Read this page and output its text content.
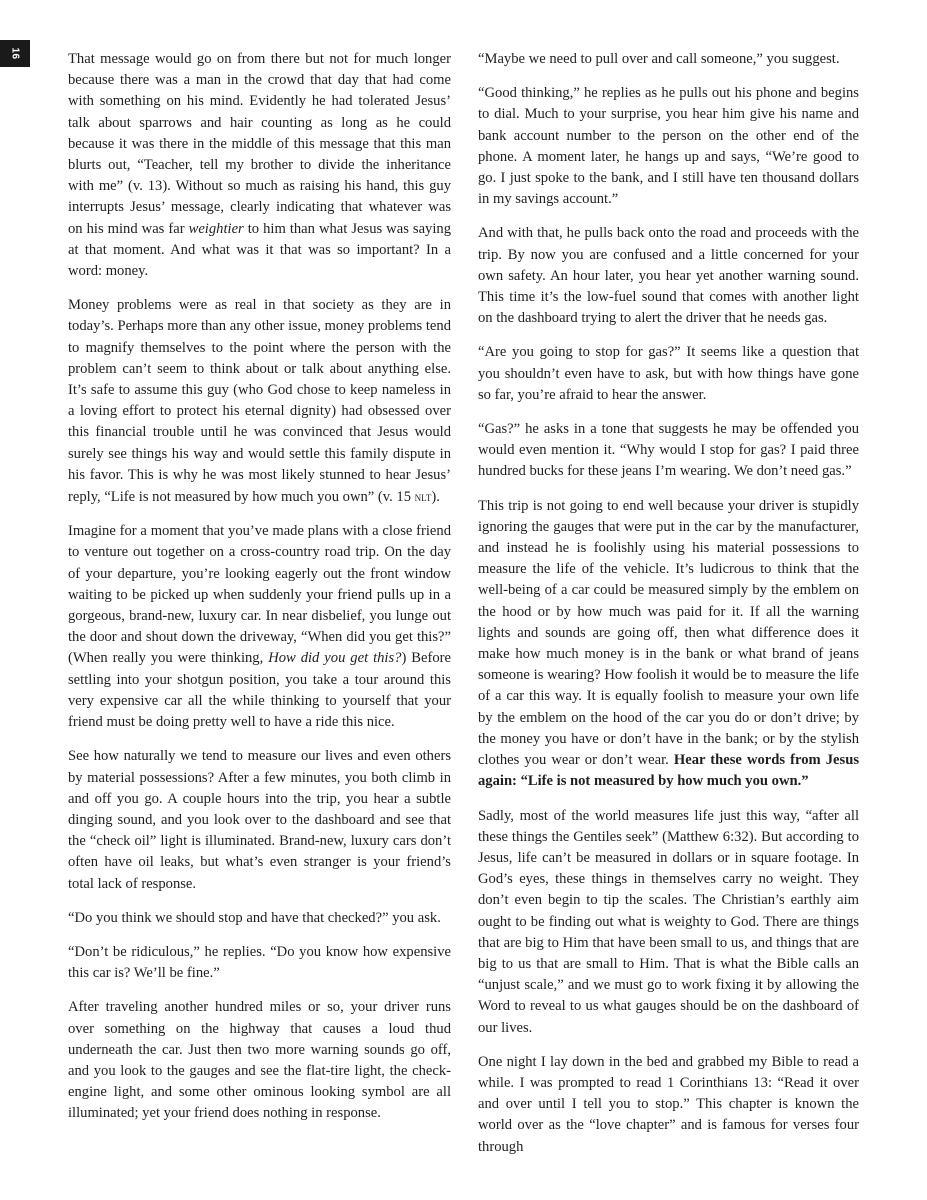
16	That message would go on from there but not for much longer because there was a man in the crowd that day that had come with something on his mind. Evidently he had tolerated Jesus’ talk about sparrows and hair counting as long as he could because it was there in the middle of this message that this man blurts out, “Teacher, tell my brother to divide the inheritance with me” (v. 13). Without so much as raising his hand, this guy interrupts Jesus’ message, clearly indicating that whatever was on his mind was far weightier to him than what Jesus was saying at that moment. And what was it that was so important? In a word: money.

Money problems were as real in that society as they are in today’s. Perhaps more than any other issue, money problems tend to magnify themselves to the point where the person with the problem can’t seem to think about or talk about anything else. It’s safe to assume this guy (who God chose to keep nameless in a loving effort to protect his eternal dignity) had obsessed over this financial trouble until he was convinced that Jesus would surely see things his way and would settle this family dispute in his favor. This is why he was most likely stunned to hear Jesus’ reply, “Life is not measured by how much you own” (v. 15 nlt).

Imagine for a moment that you’ve made plans with a close friend to venture out together on a cross-country road trip. On the day of your departure, you’re looking eagerly out the front window waiting to be picked up when suddenly your friend pulls up in a gorgeous, brand-new, luxury car. In near disbelief, you lunge out the door and shout down the driveway, “When did you get this?” (When really you were thinking, How did you get this?) Before settling into your shotgun position, you take a tour around this very expensive car all the while thinking to yourself that your friend must be doing pretty well to have a ride this nice.

See how naturally we tend to measure our lives and even others by material possessions? After a few minutes, you both climb in and off you go. A couple hours into the trip, you hear a subtle dinging sound, and you look over to the dashboard and see that the “check oil” light is illuminated. Brand-new, luxury cars don’t often have oil leaks, but what’s even stranger is your friend’s total lack of response.

“Do you think we should stop and have that checked?” you ask.

“Don’t be ridiculous,” he replies. “Do you know how expensive this car is? We’ll be fine.”

After traveling another hundred miles or so, your driver runs over something on the highway that causes a loud thud underneath the car. Just then two more warning sounds go off, and you look to the gauges and see the flat-tire light, the check-engine light, and some other ominous looking symbol are all illuminated; yet your friend does nothing in response.

“Maybe we need to pull over and call someone,” you suggest.

“Good thinking,” he replies as he pulls out his phone and begins to dial. Much to your surprise, you hear him give his name and bank account number to the person on the other end of the phone. A moment later, he hangs up and says, “We’re good to go. I just spoke to the bank, and I still have ten thousand dollars in my savings account.”

And with that, he pulls back onto the road and proceeds with the trip. By now you are confused and a little concerned for your own safety. An hour later, you hear yet another warning sound. This time it’s the low-fuel sound that comes with another light on the dashboard trying to alert the driver that he needs gas.

“Are you going to stop for gas?” It seems like a question that you shouldn’t even have to ask, but with how things have gone so far, you’re afraid to hear the answer.

“Gas?” he asks in a tone that suggests he may be offended you would even mention it. “Why would I stop for gas? I paid three hundred bucks for these jeans I’m wearing. We don’t need gas.”

This trip is not going to end well because your driver is stupidly ignoring the gauges that were put in the car by the manufacturer, and instead he is foolishly using his material possessions to measure the life of the vehicle. It’s ludicrous to think that the well-being of a car could be measured simply by the emblem on the hood or by how much was paid for it. If all the warning lights and sounds are going off, then what difference does it make how much money is in the bank or what brand of jeans someone is wearing? How foolish it would be to measure the life of a car this way. It is equally foolish to measure your own life by the emblem on the hood of the car you do or don’t drive; by the money you have or don’t have in the bank; or by the stylish clothes you wear or don’t wear. Hear these words from Jesus again: “Life is not measured by how much you own.”

Sadly, most of the world measures life just this way, “after all these things the Gentiles seek” (Matthew 6:32). But according to Jesus, life can’t be measured in dollars or in square footage. In God’s eyes, these things in themselves carry no weight. They don’t even begin to tip the scales. The Christian’s earthly aim ought to be finding out what is weighty to God. There are things that are big to Him that have been small to us, and things that are big to us that are small to Him. That is what the Bible calls an “unjust scale,” and we must go to work fixing it by allowing the Word to reveal to us what gauges should be on the dashboard of our lives.

One night I lay down in the bed and grabbed my Bible to read a while. I was prompted to read 1 Corinthians 13: “Read it over and over until I tell you to stop.” This chapter is known the world over as the “love chapter” and is famous for verses four through
